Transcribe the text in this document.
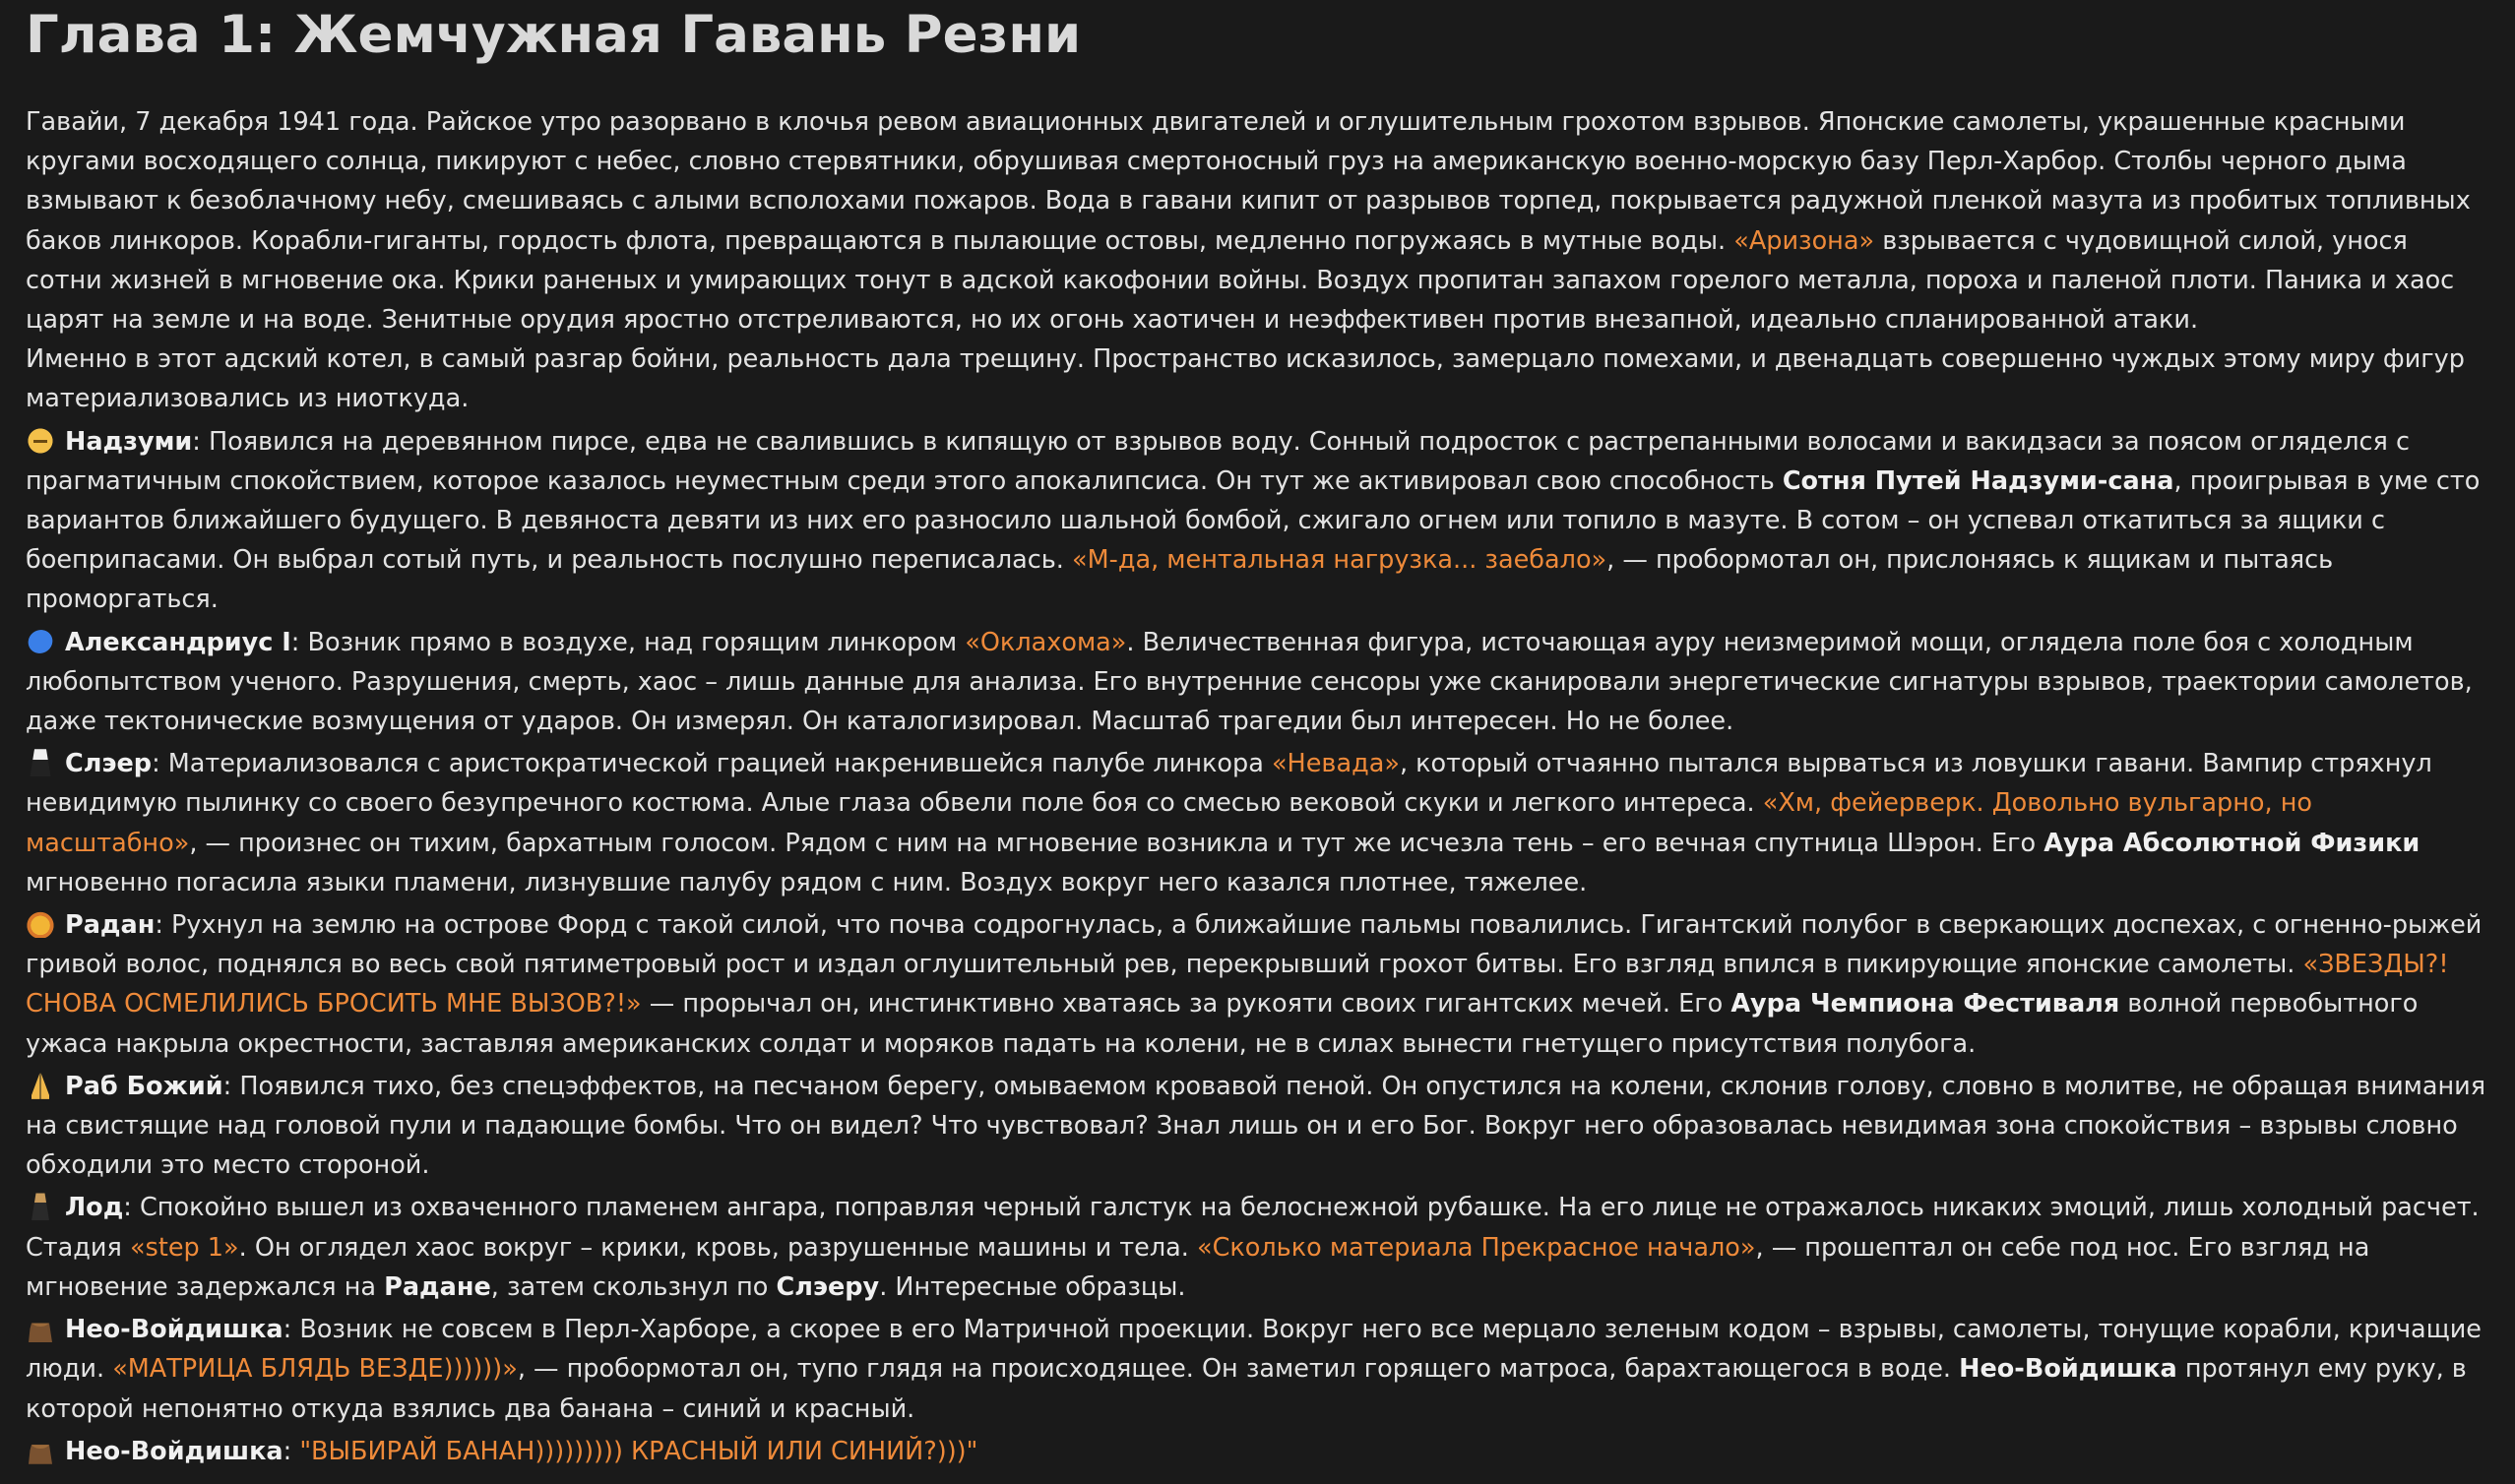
Глава 1: Жемчужная Гавань Резни

Гавайи, 7 декабря 1941 года. Райское утро разорвано в клочья ревом авиационных двигателей и оглушительным грохотом взрывов. Японские самолеты, украшенные красными кругами восходящего солнца, пикируют с небес, словно стервятники, обрушивая смертоносный груз на американскую военно-морскую базу Перл-Харбор. Столбы черного дыма взмывают к безоблачному небу, смешиваясь с алыми всполохами пожаров. Вода в гавани кипит от разрывов торпед, покрывается радужной пленкой мазута из пробитых топливных баков линкоров. Корабли-гиганты, гордость флота, превращаются в пылающие остовы, медленно погружаясь в мутные воды. «Аризона» взрывается с чудовищной силой, унося сотни жизней в мгновение ока. Крики раненых и умирающих тонут в адской какофонии войны. Воздух пропитан запахом горелого металла, пороха и паленой плоти. Паника и хаос царят на земле и на воде. Зенитные орудия яростно отстреливаются, но их огонь хаотичен и неэффективен против внезапной, идеально спланированной атаки.

Именно в этот адский котел, в самый разгар бойни, реальность дала трещину. Пространство исказилось, замерцало помехами, и двенадцать совершенно чуждых этому миру фигур материализовались из ниоткуда.

Надзуми: Появился на деревянном пирсе, едва не свалившись в кипящую от взрывов воду. Сонный подросток с растрепанными волосами и вакидзаси за поясом огляделся с прагматичным спокойствием, которое казалось неуместным среди этого апокалипсиса. Он тут же активировал свою способность Сотня Путей Надзуми-сана, проигрывая в уме сто вариантов ближайшего будущего. В девяноста девяти из них его разносило шальной бомбой, сжигало огнем или топило в мазуте. В сотом – он успевал откатиться за ящики с боеприпасами. Он выбрал сотый путь, и реальность послушно переписалась. «М-да, ментальная нагрузка... заебало», — пробормотал он, прислоняясь к ящикам и пытаясь проморгаться.

Александриус I: Возник прямо в воздухе, над горящим линкором «Оклахома». Величественная фигура, источающая ауру неизмеримой мощи, оглядела поле боя с холодным любопытством ученого. Разрушения, смерть, хаос – лишь данные для анализа. Его внутренние сенсоры уже сканировали энергетические сигнатуры взрывов, траектории самолетов, даже тектонические возмущения от ударов. Он измерял. Он каталогизировал. Масштаб трагедии был интересен. Но не более.

Слэер: Материализовался с аристократической грацией накренившейся палубе линкора «Невада», который отчаянно пытался вырваться из ловушки гавани. Вампир стряхнул невидимую пылинку со своего безупречного костюма. Алые глаза обвели поле боя со смесью вековой скуки и легкого интереса. «Хм, фейерверк. Довольно вульгарно, но масштабно», — произнес он тихим, бархатным голосом. Рядом с ним на мгновение возникла и тут же исчезла тень – его вечная спутница Шэрон. Его Аура Абсолютной Физики мгновенно погасила языки пламени, лизнувшие палубу рядом с ним. Воздух вокруг него казался плотнее, тяжелее.

Радан: Рухнул на землю на острове Форд с такой силой, что почва содрогнулась, а ближайшие пальмы повалились. Гигантский полубог в сверкающих доспехах, с огненно-рыжей гривой волос, поднялся во весь свой пятиметровый рост и издал оглушительный рев, перекрывший грохот битвы. Его взгляд впился в пикирующие японские самолеты. «ЗВЕЗДЫ?! СНОВА ОСМЕЛИЛИСЬ БРОСИТЬ МНЕ ВЫЗОВ?!» — прорычал он, инстинктивно хватаясь за рукояти своих гигантских мечей. Его Аура Чемпиона Фестиваля волной первобытного ужаса накрыла окрестности, заставляя американских солдат и моряков падать на колени, не в силах вынести гнетущего присутствия полубога.

Раб Божий: Появился тихо, без спецэффектов, на песчаном берегу, омываемом кровавой пеной. Он опустился на колени, склонив голову, словно в молитве, не обращая внимания на свистящие над головой пули и падающие бомбы. Что он видел? Что чувствовал? Знал лишь он и его Бог. Вокруг него образовалась невидимая зона спокойствия – взрывы словно обходили это место стороной.

Лод: Спокойно вышел из охваченного пламенем ангара, поправляя черный галстук на белоснежной рубашке. На его лице не отражалось никаких эмоций, лишь холодный расчет. Стадия «step 1». Он оглядел хаос вокруг – крики, кровь, разрушенные машины и тела. «Сколько материала Прекрасное начало», — прошептал он себе под нос. Его взгляд на мгновение задержался на Радане, затем скользнул по Слэеру. Интересные образцы.

Нео-Войдишка: Возник не совсем в Перл-Харборе, а скорее в его Матричной проекции. Вокруг него все мерцало зеленым кодом – взрывы, самолеты, тонущие корабли, кричащие люди. «МАТРИЦА БЛЯДЬ ВЕЗДЕ))))))», — пробормотал он, тупо глядя на происходящее. Он заметил горящего матроса, барахтающегося в воде. Нео-Войдишка протянул ему руку, в которой непонятно откуда взялись два банана – синий и красный.

Нео-Войдишка: "ВЫБИРАЙ БАНАН))))))))) КРАСНЫЙ ИЛИ СИНИЙ?)))"
